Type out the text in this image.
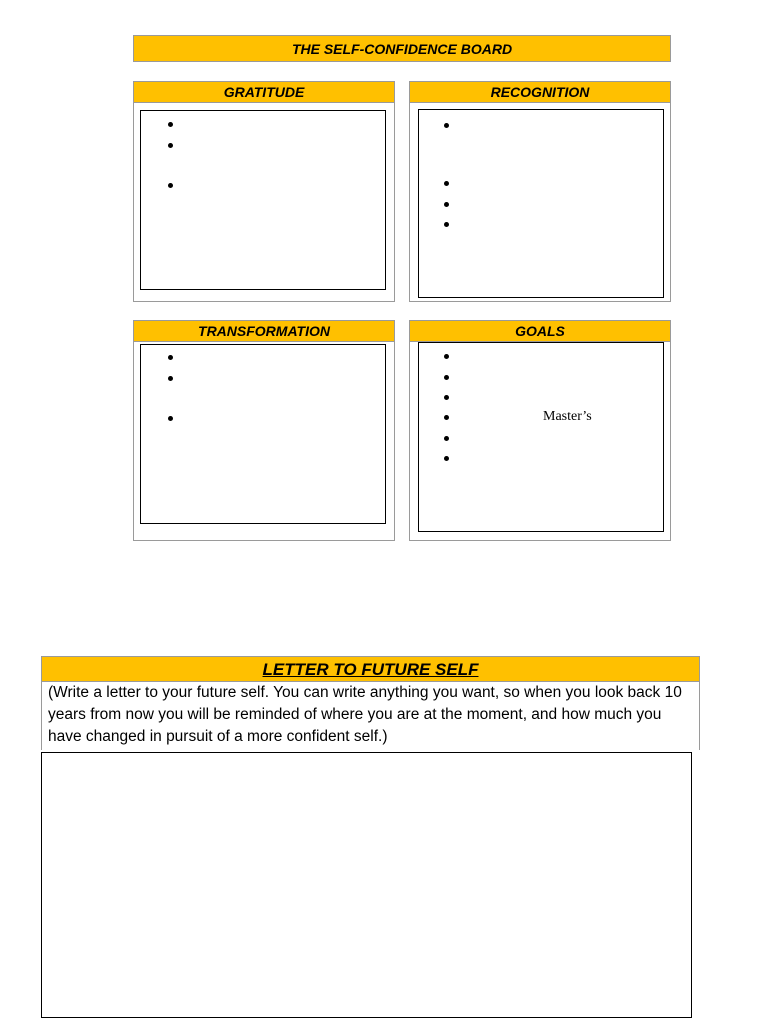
THE SELF-CONFIDENCE BOARD
GRATITUDE	RECOGNITION
TRANSFORMATION	GOALS
Master’s
LETTER TO FUTURE SELF
(Write a letter to your future self. You can write anything you want, so when you look back 10 years from now you will be reminded of where you are at the moment, and how much you have changed in pursuit of a more confident self.)
